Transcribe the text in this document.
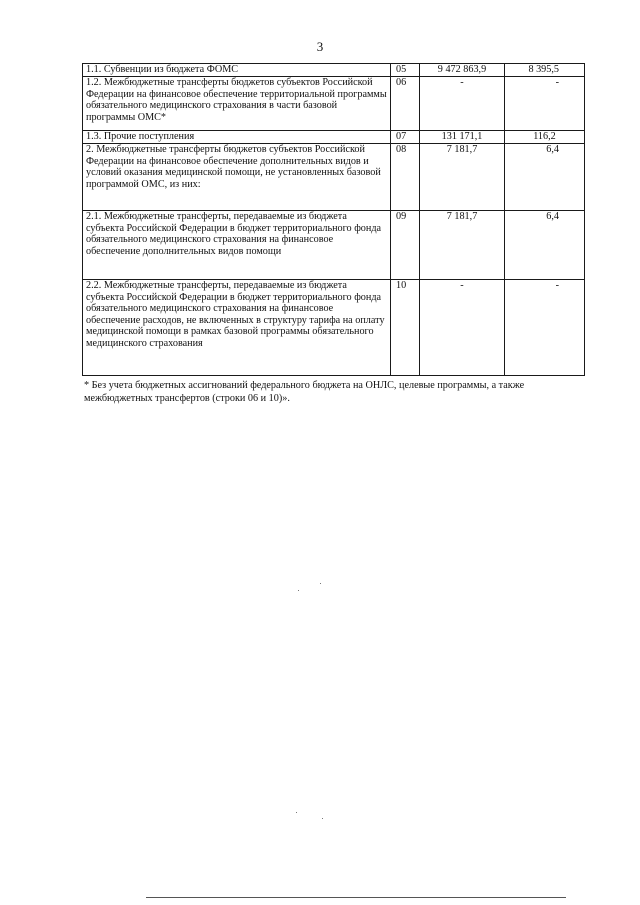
3
1.1. Субвенции из бюджета ФОМС	05	9 472 863,9	8 395,5
1.2. Межбюджетные трансферты бюджетов субъектов Российской Федерации на финансовое обеспечение территориальной программы обязательного медицинского страхования в части базовой программы ОМС*	06	-	-
1.3. Прочие поступления	07	131 171,1	116,2
2. Межбюджетные трансферты бюджетов субъектов Российской Федерации на финансовое обеспечение дополнительных видов и условий оказания медицинской помощи, не установленных базовой программой ОМС, из них:	08	7 181,7	6,4
2.1. Межбюджетные трансферты, передаваемые из бюджета субъекта Российской Федерации в бюджет территориального фонда обязательного медицинского страхования на финансовое обеспечение дополнительных видов помощи	09	7 181,7	6,4
2.2. Межбюджетные трансферты, передаваемые из бюджета субъекта Российской Федерации в бюджет территориального фонда обязательного медицинского страхования на финансовое обеспечение расходов, не включенных в структуру тарифа на оплату медицинской помощи в рамках базовой программы обязательного медицинского страхования	10	-	-
* Без учета бюджетных ассигнований федерального бюджета на ОНЛС, целевые программы, а также межбюджетных трансфертов (строки 06 и 10)».
